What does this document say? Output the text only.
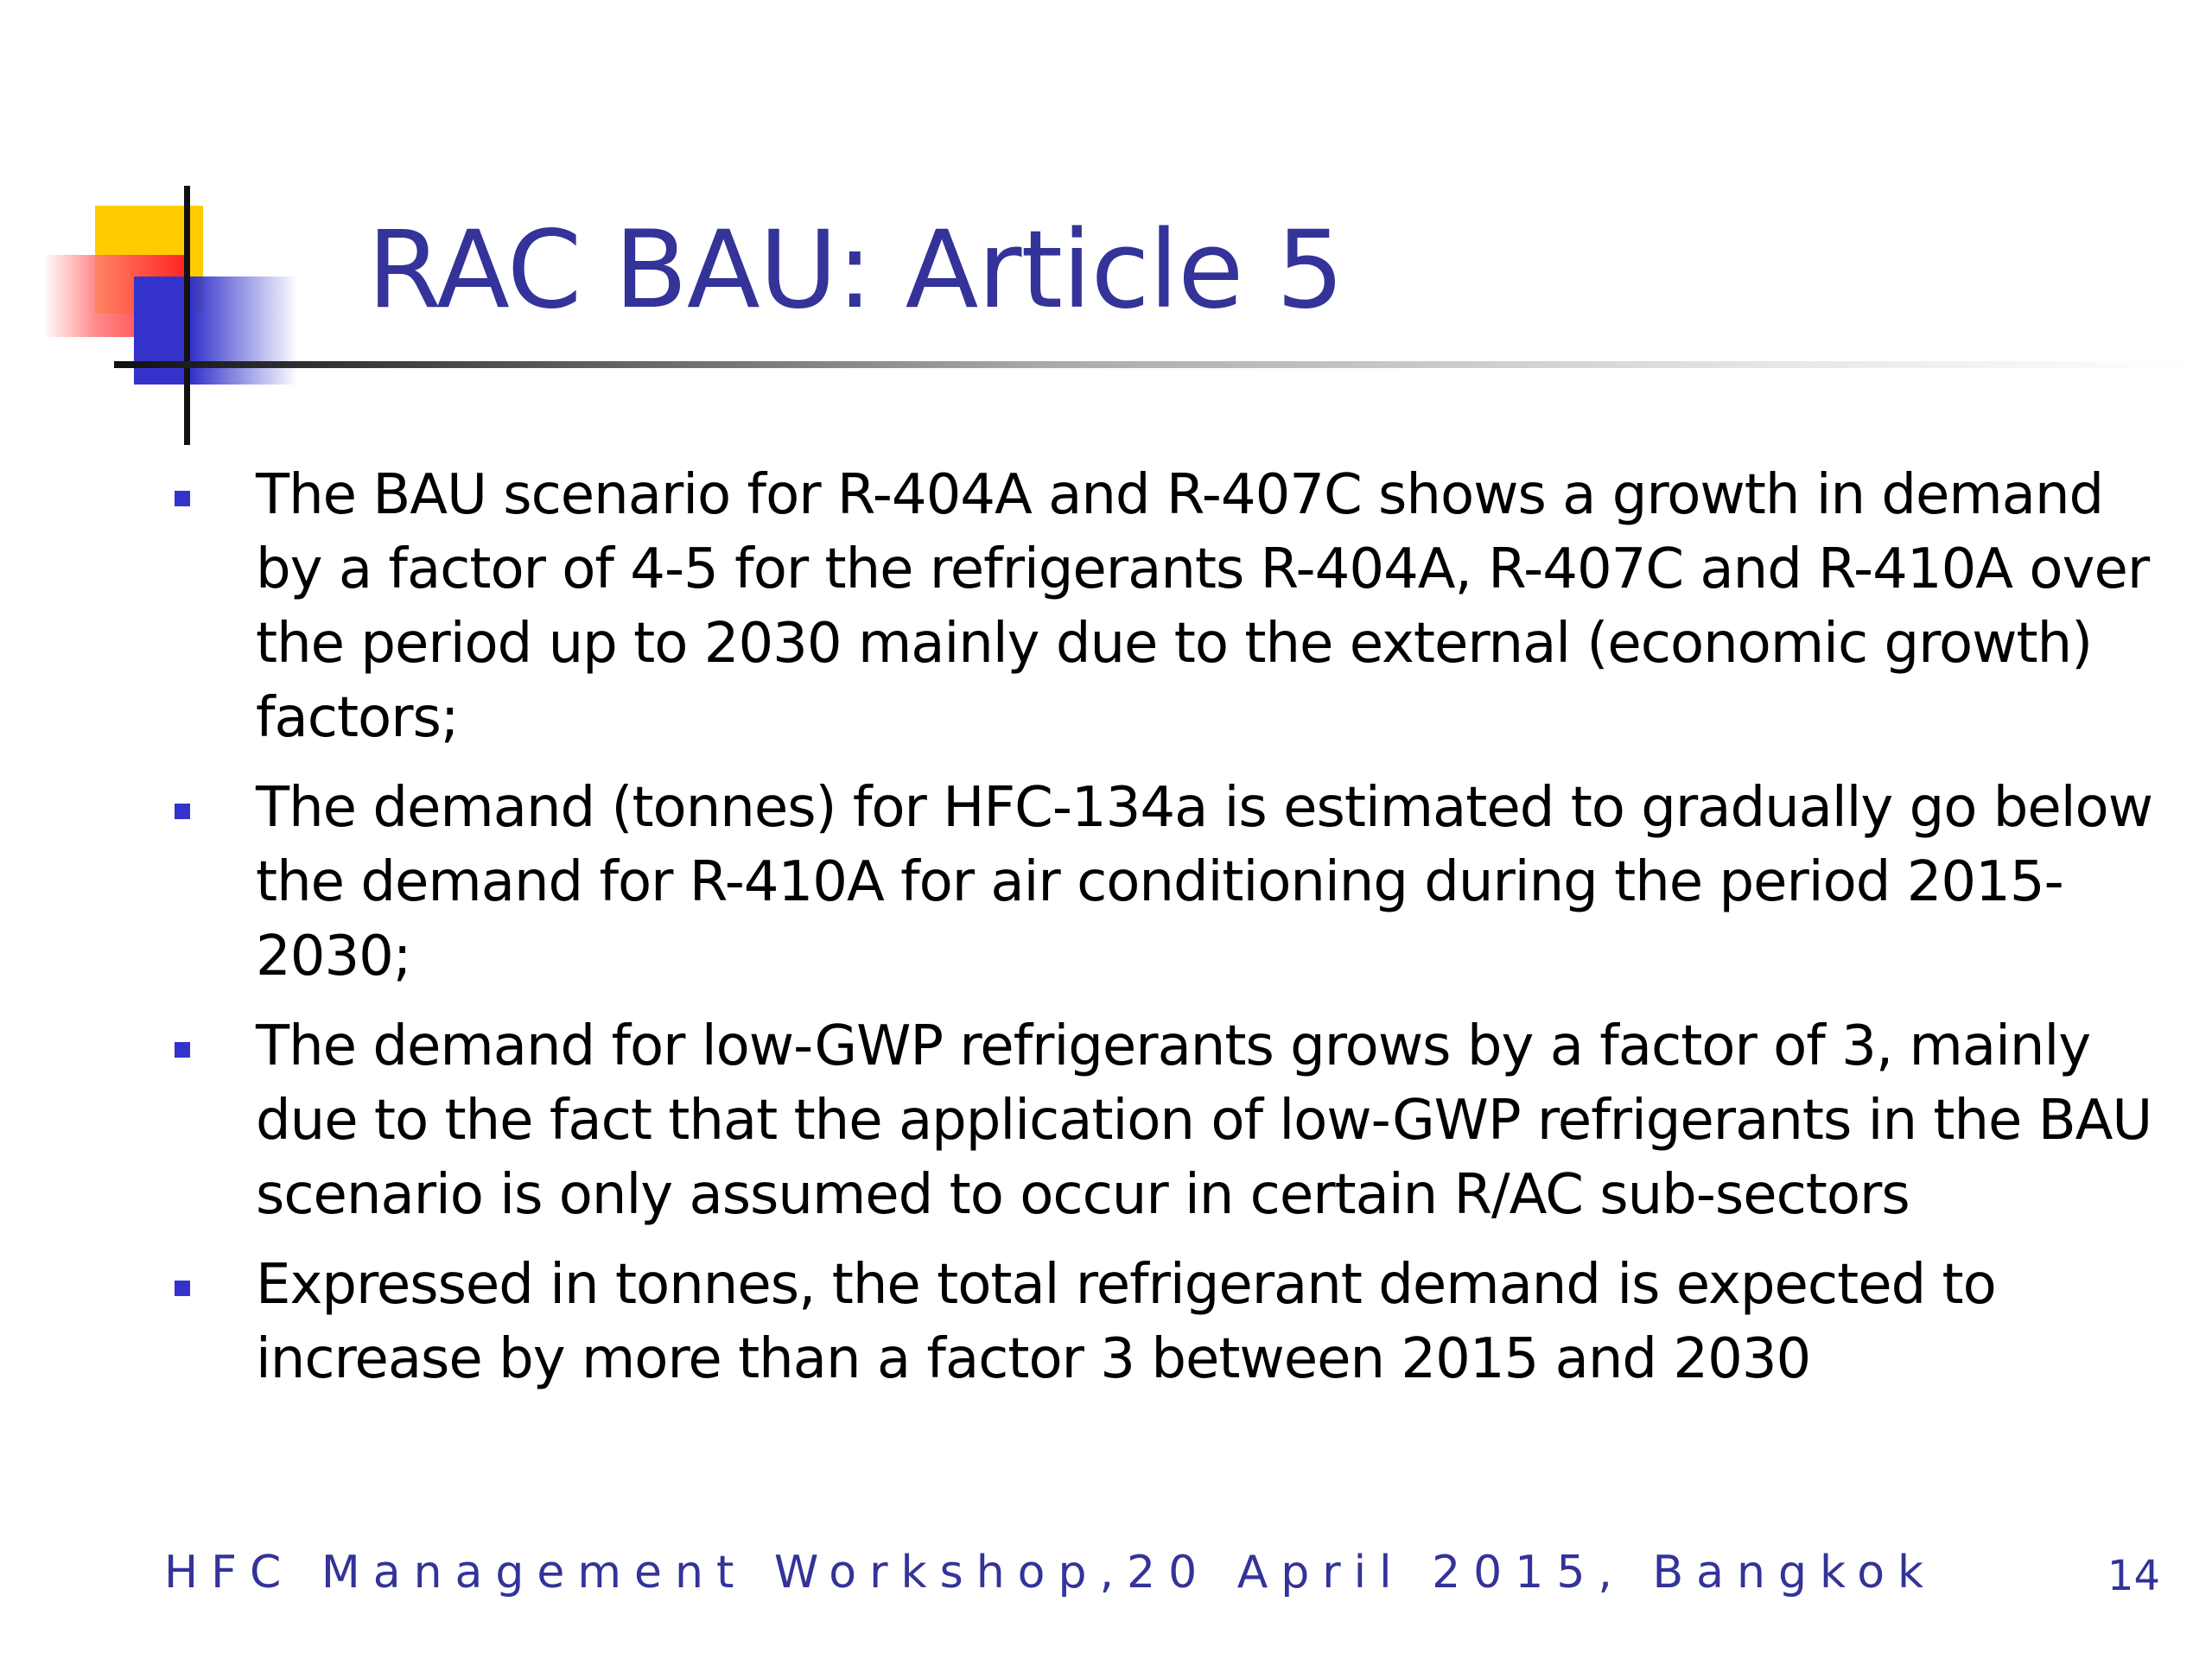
RAC BAU: Article 5
The BAU scenario for R-404A and R-407C shows a growth in demand by a factor of 4-5 for the refrigerants R-404A, R-407C and R-410A over the period up to 2030 mainly due to the external (economic growth) factors;
The demand (tonnes) for HFC-134a is estimated to gradually go below the demand for R-410A for air conditioning during the period 2015-2030;
The demand for low-GWP refrigerants grows by a factor of 3, mainly due to the fact that the application of low-GWP refrigerants in the BAU scenario is only assumed to occur in certain R/AC sub-sectors
Expressed in tonnes, the total refrigerant demand is expected to increase by more than a factor 3 between 2015 and 2030
HFC Management Workshop,20 April 2015, Bangkok	14
